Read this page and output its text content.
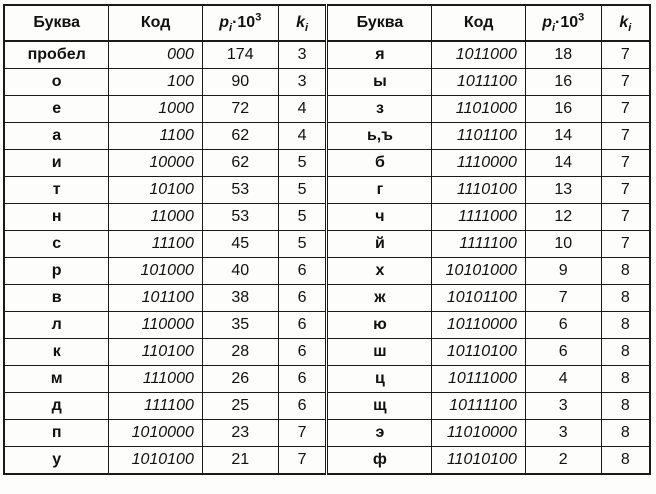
Буква	Код	$p_i\cdot 10^3$	$k_i$	Буква	Код	$p_i\cdot 10^3$	$k_i$
пробел	000	174	3	я	1011000	18	7
о	100	90	3	ы	1011100	16	7
е	1000	72	4	з	1101000	16	7
а	1100	62	4	ь,ъ	1101100	14	7
и	10000	62	5	б	1110000	14	7
т	10100	53	5	г	1110100	13	7
н	11000	53	5	ч	1111000	12	7
с	11100	45	5	й	1111100	10	7
р	101000	40	6	х	10101000	9	8
в	101100	38	6	ж	10101100	7	8
л	110000	35	6	ю	10110000	6	8
к	110100	28	6	ш	10110100	6	8
м	111000	26	6	ц	10111000	4	8
д	111100	25	6	щ	10111100	3	8
п	1010000	23	7	э	11010000	3	8
у	1010100	21	7	ф	11010100	2	8
